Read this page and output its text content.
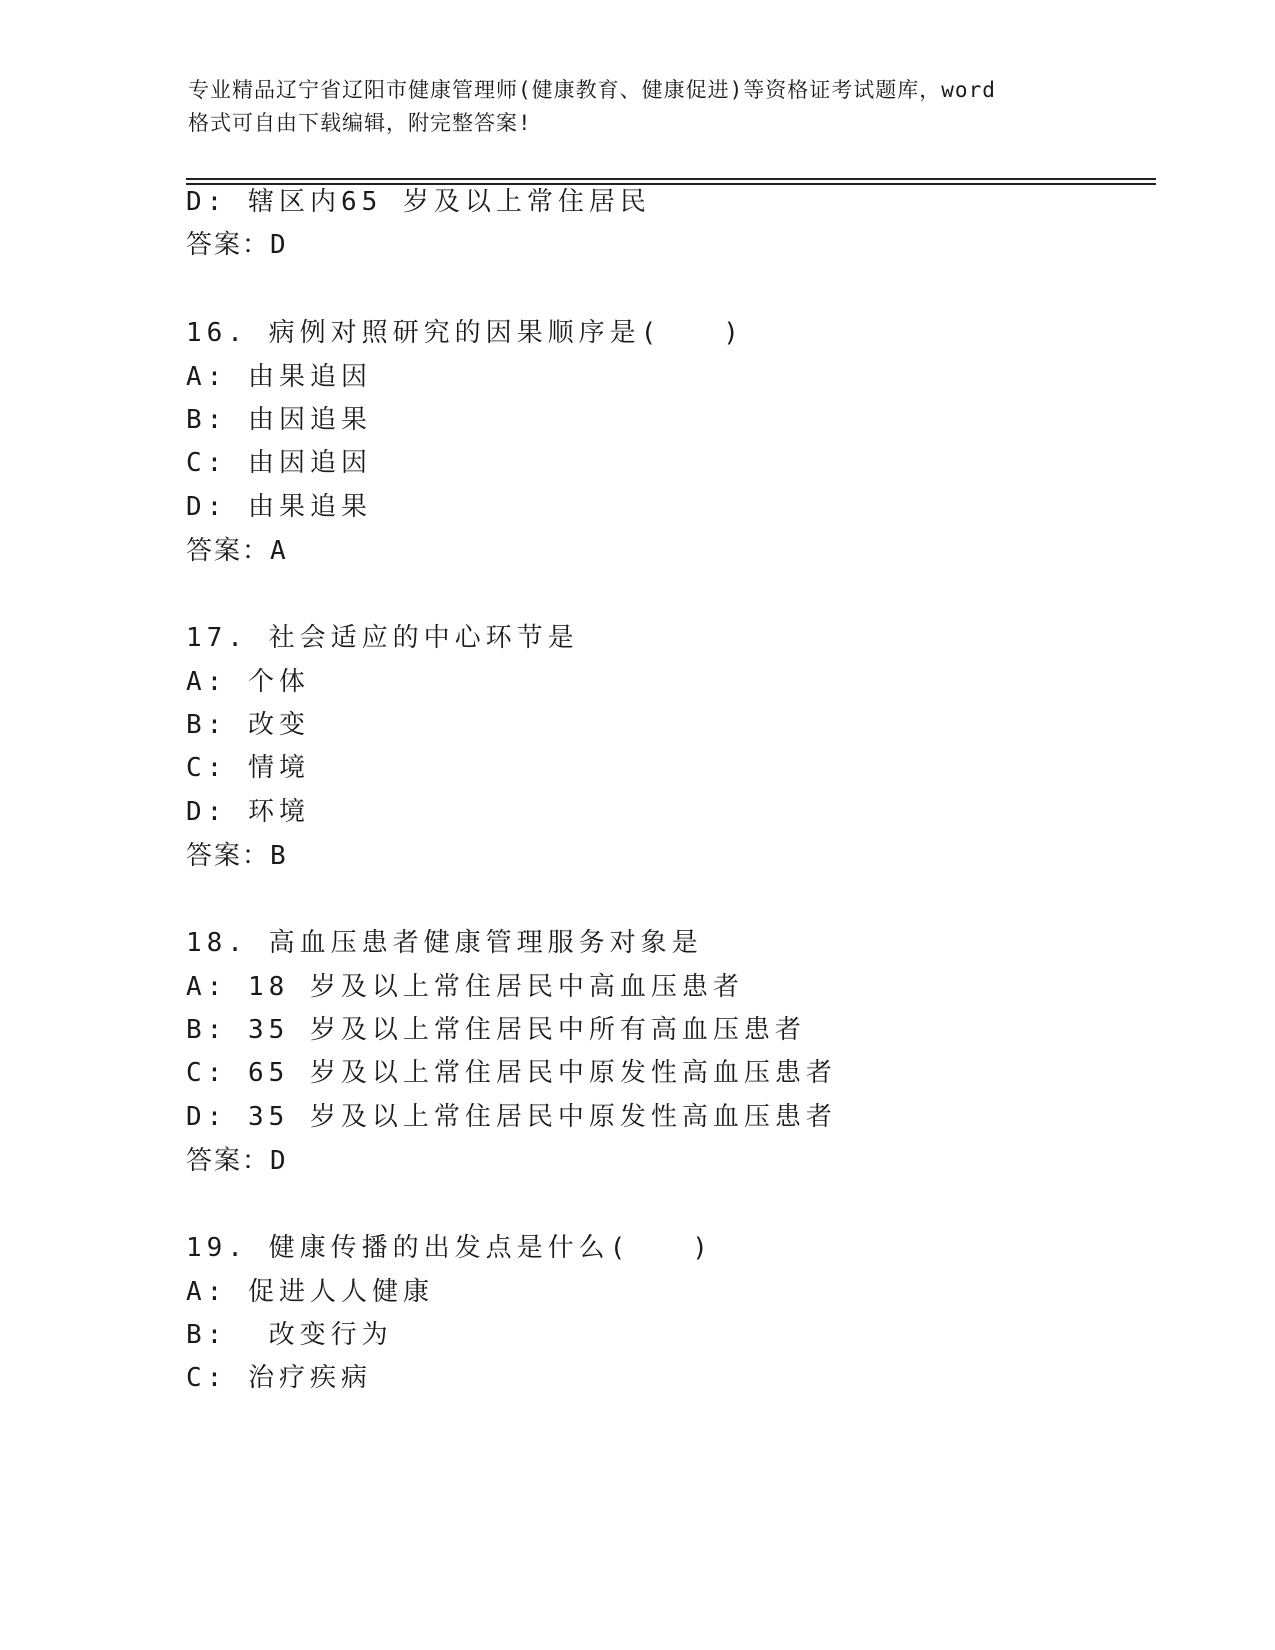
专业精品辽宁省辽阳市健康管理师(健康教育、健康促进)等资格证考试题库，word
格式可自由下载编辑，附完整答案!
D: 辖区内65 岁及以上常住居民
答案：D
16. 病例对照研究的因果顺序是(　　)
A: 由果追因
B: 由因追果
C: 由因追因
D: 由果追果
答案：A
17. 社会适应的中心环节是
A: 个体
B: 改变
C: 情境
D: 环境
答案：B
18. 高血压患者健康管理服务对象是
A: 18 岁及以上常住居民中高血压患者
B: 35 岁及以上常住居民中所有高血压患者
C: 65 岁及以上常住居民中原发性高血压患者
D: 35 岁及以上常住居民中原发性高血压患者
答案：D
19. 健康传播的出发点是什么(　　)
A: 促进人人健康
B:  改变行为
C: 治疗疾病
